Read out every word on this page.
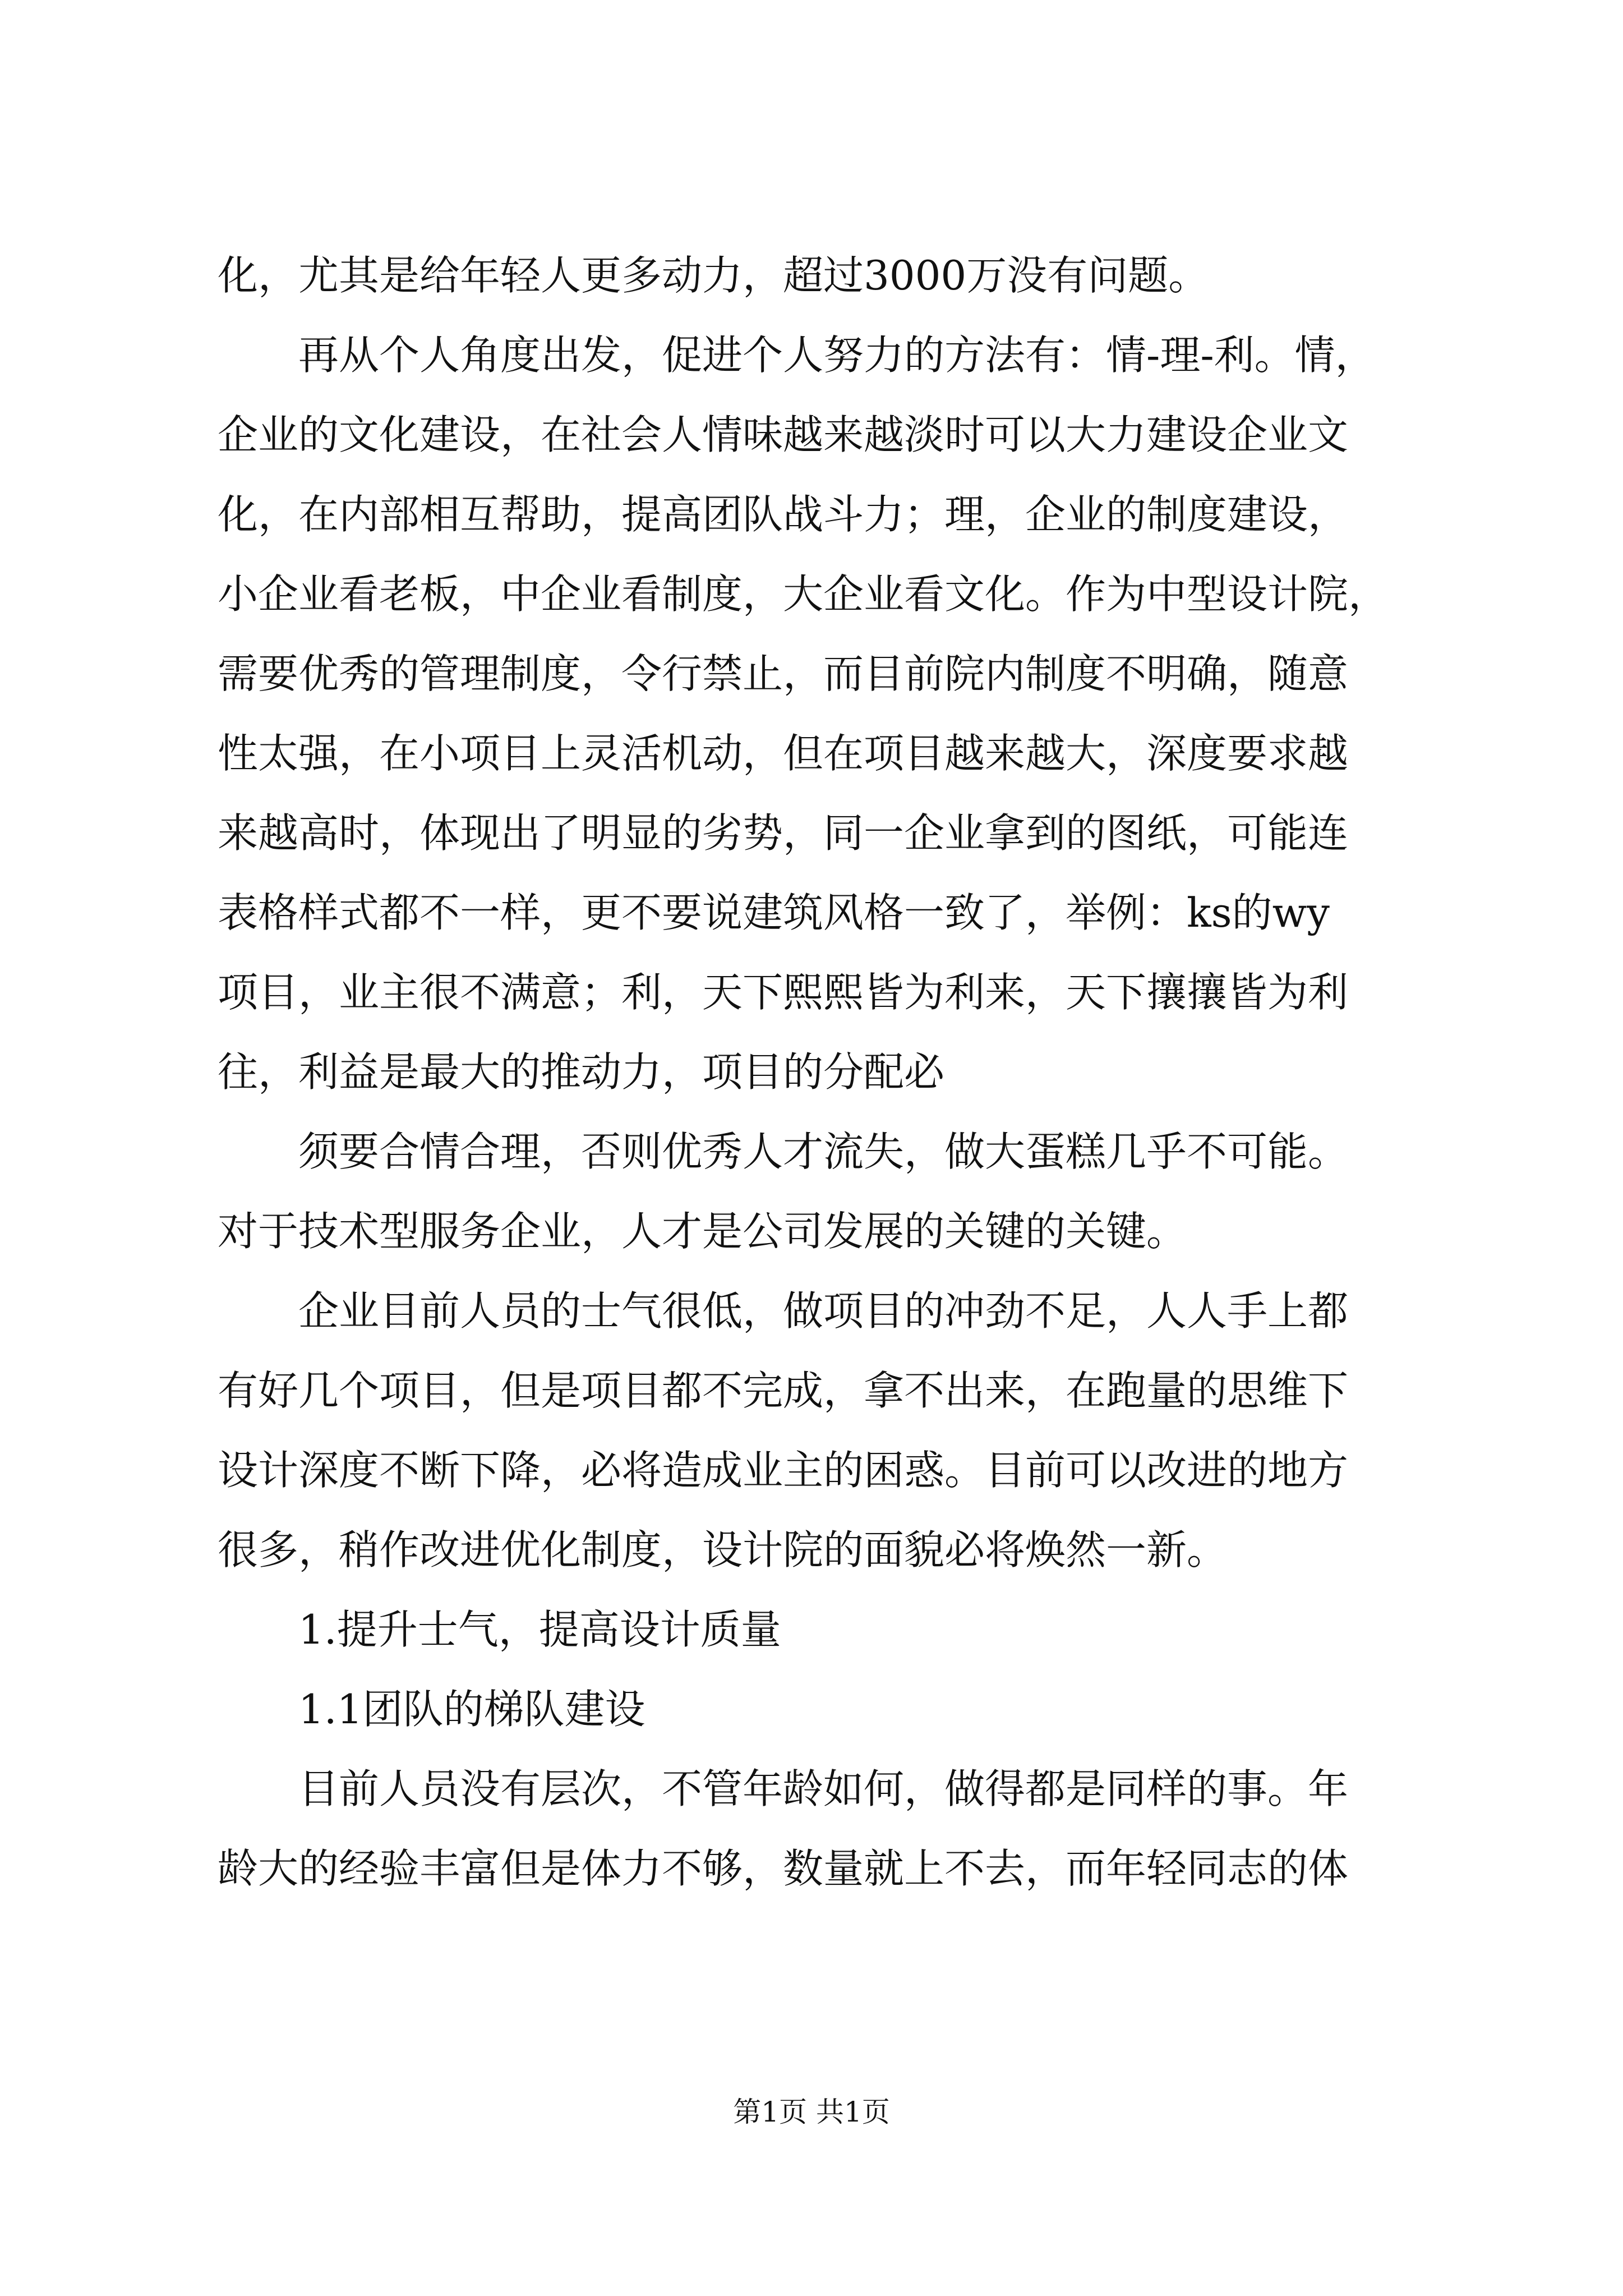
化，尤其是给年轻人更多动力，超过3000万没有问题。
再从个人角度出发，促进个人努力的方法有：情-理-利。情，
企业的文化建设，在社会人情味越来越淡时可以大力建设企业文
化，在内部相互帮助，提高团队战斗力；理，企业的制度建设，
小企业看老板，中企业看制度，大企业看文化。作为中型设计院，
需要优秀的管理制度，令行禁止，而目前院内制度不明确，随意
性太强，在小项目上灵活机动，但在项目越来越大，深度要求越
来越高时，体现出了明显的劣势，同一企业拿到的图纸，可能连
表格样式都不一样，更不要说建筑风格一致了，举例：ks的wy
项目，业主很不满意；利，天下熙熙皆为利来，天下攘攘皆为利
往，利益是最大的推动力，项目的分配必
须要合情合理，否则优秀人才流失，做大蛋糕几乎不可能。
对于技术型服务企业，人才是公司发展的关键的关键。
企业目前人员的士气很低，做项目的冲劲不足，人人手上都
有好几个项目，但是项目都不完成，拿不出来，在跑量的思维下
设计深度不断下降，必将造成业主的困惑。目前可以改进的地方
很多，稍作改进优化制度，设计院的面貌必将焕然一新。
1.提升士气，提高设计质量
1.1团队的梯队建设
目前人员没有层次，不管年龄如何，做得都是同样的事。年
龄大的经验丰富但是体力不够，数量就上不去，而年轻同志的体
第1页 共1页
